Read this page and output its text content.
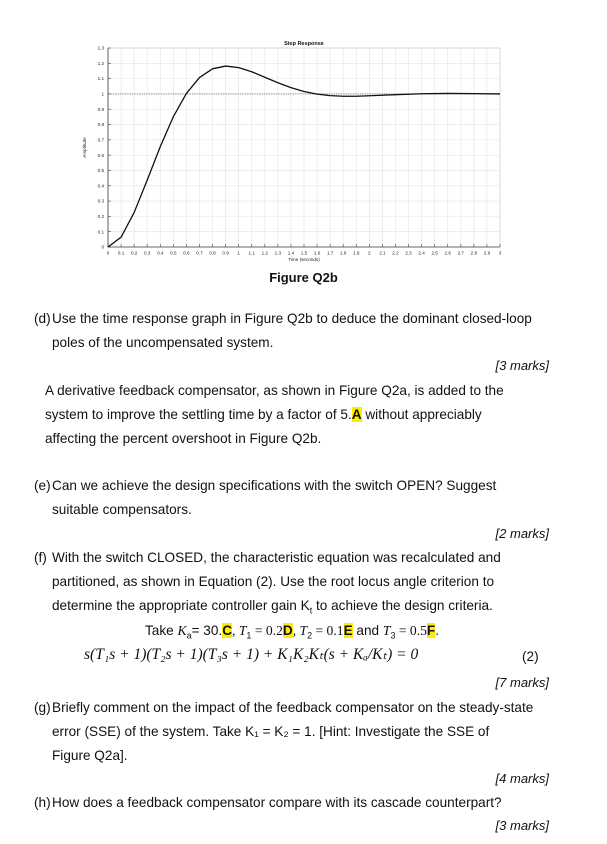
0 0.1 0.2 0.3 0.4 0.5 0.6 0.7 0.8 0.9 1 1.1 1.2 1.3 1.4 1.5 1.6 1.7 1.8 1.9 2 2.1 2.2 2.3 2.4 2.5 2.6 2.7 2.8 2.9 3
0
0.1
0.2
0.3
0.4
0.5
0.6
0.7
0.8
0.9
1
1.1
1.2
1.3
Step Response
Time (seconds)
Amplitude
Figure Q2b
(d) Use the time response graph in Figure Q2b to deduce the dominant closed-loop
poles of the uncompensated system.
[3 marks]
A derivative feedback compensator, as shown in Figure Q2a, is added to the
system to improve the settling time by a factor of 5.A without appreciably
affecting the percent overshoot in Figure Q2b.
(e) Can we achieve the design specifications with the switch OPEN? Suggest
suitable compensators.
[2 marks]
(f) With the switch CLOSED, the characteristic equation was recalculated and
partitioned, as shown in Equation (2). Use the root locus angle criterion to
determine the appropriate controller gain $K_t$ to achieve the design criteria.
Take $K_a= 30.C$, $T_1 = 0.2D$, $T_2 = 0.1E$ and $T_3 = 0.5F$.
s(T₁s + 1)(T₂s + 1)(T₃s + 1) + K₁K₂Kₜ(s + Kₐ/Kₜ) = 0	(2)
[7 marks]
(g) Briefly comment on the impact of the feedback compensator on the steady-state
error (SSE) of the system. Take K₁ = K₂ = 1. [Hint: Investigate the SSE of
Figure Q2a].
[4 marks]
(h) How does a feedback compensator compare with its cascade counterpart?
[3 marks]
